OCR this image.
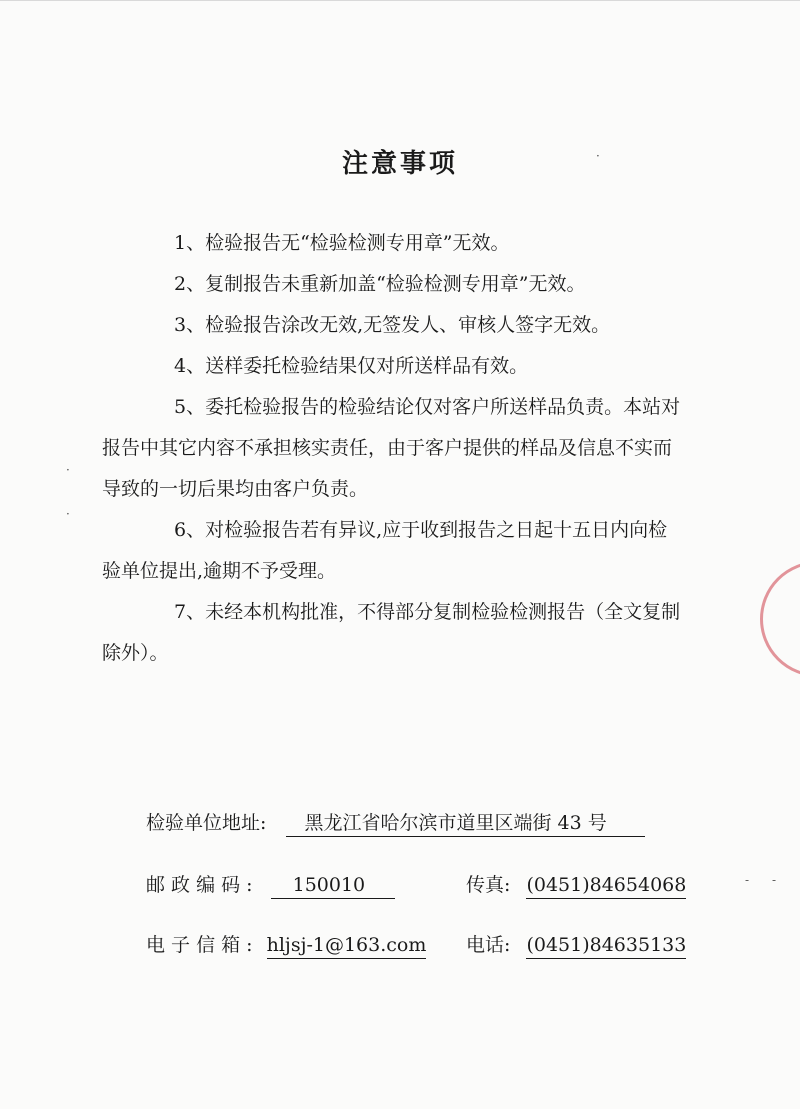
注意事项

1、检验报告无“检验检测专用章”无效。

2、复制报告未重新加盖“检验检测专用章”无效。

3、检验报告涂改无效,无签发人、审核人签字无效。

4、送样委托检验结果仅对所送样品有效。

5、委托检验报告的检验结论仅对客户所送样品负责。本站对报告中其它内容不承担核实责任，由于客户提供的样品及信息不实而导致的一切后果均由客户负责。

6、对检验报告若有异议,应于收到报告之日起十五日内向检验单位提出,逾期不予受理。

7、未经本机构批准，不得部分复制检验检测报告（全文复制除外）。

检验单位地址: 黑龙江省哈尔滨市道里区端街 43 号
邮 政 编 码 : 150010	传真: (0451)84654068
电 子 信 箱 : hljsj-1@163.com 电话: (0451)84635133
·
·
·
- -
